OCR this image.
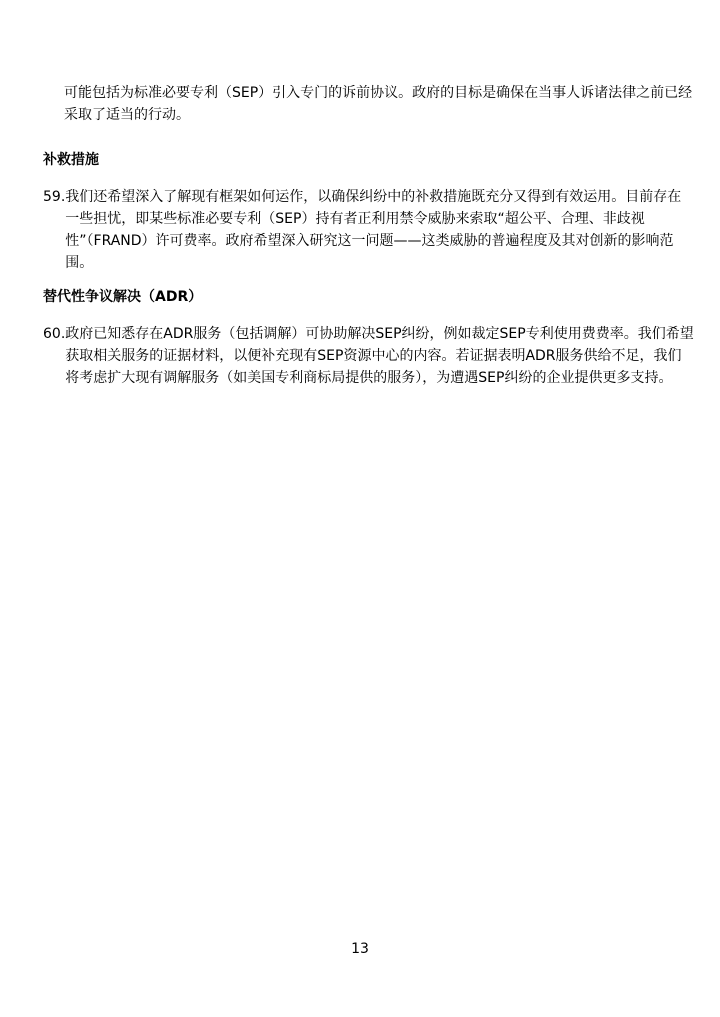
可能包括为标准必要专利（SEP）引入专门的诉前协议。政府的目标是确保在当事人诉诸法律之前已经采取了适当的行动。
补救措施
59. 我们还希望深入了解现有框架如何运作，以确保纠纷中的补救措施既充分又得到有效运用。目前存在一些担忧，即某些标准必要专利（SEP）持有者正利用禁令威胁来索取“超公平、合理、非歧视性”（FRAND）许可费率。政府希望深入研究这一问题——这类威胁的普遍程度及其对创新的影响范围。
替代性争议解决（ADR）
60. 政府已知悉存在ADR服务（包括调解）可协助解决SEP纠纷，例如裁定SEP专利使用费费率。我们希望获取相关服务的证据材料，以便补充现有SEP资源中心的内容。若证据表明ADR服务供给不足，我们将考虑扩大现有调解服务（如美国专利商标局提供的服务），为遭遇SEP纠纷的企业提供更多支持。
13
